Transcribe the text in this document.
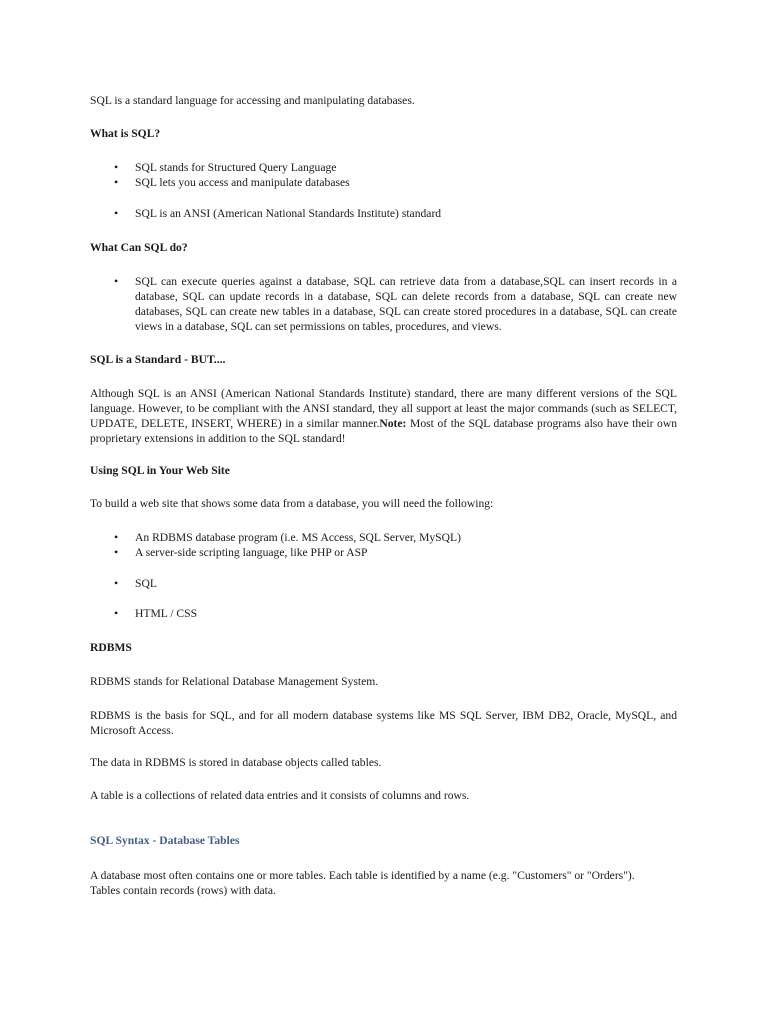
SQL is a standard language for accessing and manipulating databases.

What is SQL?

• SQL stands for Structured Query Language
• SQL lets you access and manipulate databases
• SQL is an ANSI (American National Standards Institute) standard

What Can SQL do?

• SQL can execute queries against a database, SQL can retrieve data from a database,SQL can insert records in a database, SQL can update records in a database, SQL can delete records from a database, SQL can create new databases, SQL can create new tables in a database, SQL can create stored procedures in a database, SQL can create views in a database, SQL can set permissions on tables, procedures, and views.

SQL is a Standard - BUT....

Although SQL is an ANSI (American National Standards Institute) standard, there are many different versions of the SQL language. However, to be compliant with the ANSI standard, they all support at least the major commands (such as SELECT, UPDATE, DELETE, INSERT, WHERE) in a similar manner.Note: Most of the SQL database programs also have their own proprietary extensions in addition to the SQL standard!

Using SQL in Your Web Site

To build a web site that shows some data from a database, you will need the following:

• An RDBMS database program (i.e. MS Access, SQL Server, MySQL)
• A server-side scripting language, like PHP or ASP
• SQL
• HTML / CSS

RDBMS

RDBMS stands for Relational Database Management System.

RDBMS is the basis for SQL, and for all modern database systems like MS SQL Server, IBM DB2, Oracle, MySQL, and Microsoft Access.

The data in RDBMS is stored in database objects called tables.

A table is a collections of related data entries and it consists of columns and rows.

SQL Syntax - Database Tables

A database most often contains one or more tables. Each table is identified by a name (e.g. "Customers" or "Orders"). Tables contain records (rows) with data.
